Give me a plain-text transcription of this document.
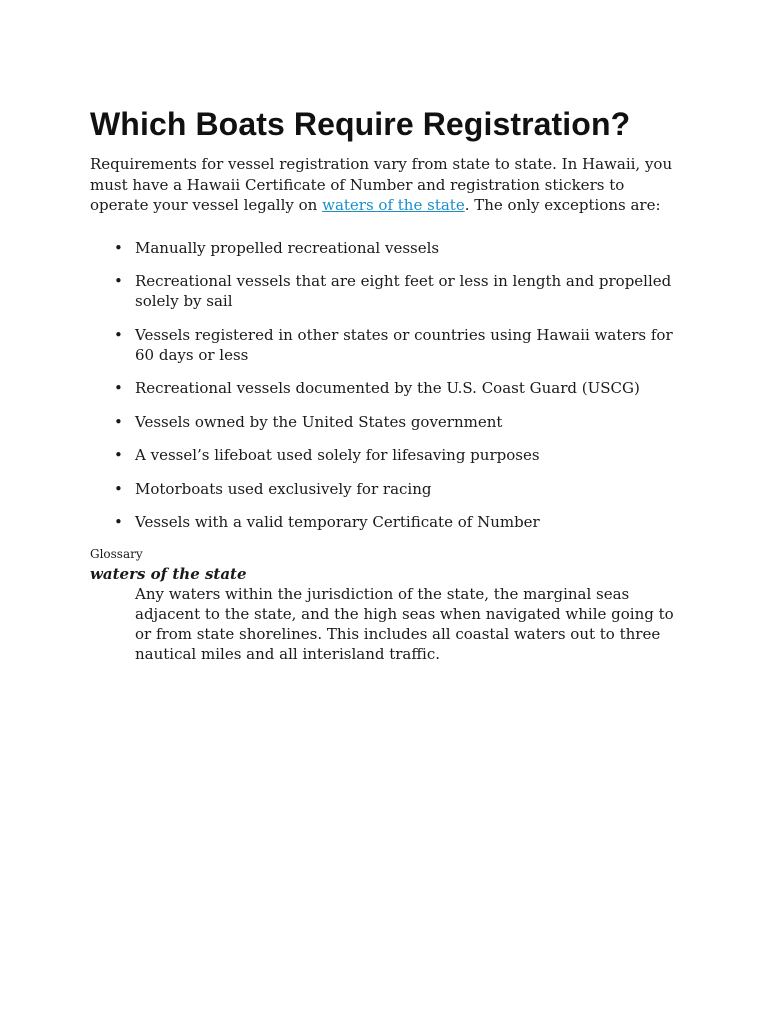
Which Boats Require Registration?

Requirements for vessel registration vary from state to state. In Hawaii, you must have a Hawaii Certificate of Number and registration stickers to operate your vessel legally on waters of the state. The only exceptions are:

• Manually propelled recreational vessels
• Recreational vessels that are eight feet or less in length and propelled solely by sail
• Vessels registered in other states or countries using Hawaii waters for 60 days or less
• Recreational vessels documented by the U.S. Coast Guard (USCG)
• Vessels owned by the United States government
• A vessel’s lifeboat used solely for lifesaving purposes
• Motorboats used exclusively for racing
• Vessels with a valid temporary Certificate of Number
Glossary
waters of the state
Any waters within the jurisdiction of the state, the marginal seas adjacent to the state, and the high seas when navigated while going to or from state shorelines. This includes all coastal waters out to three nautical miles and all interisland traffic.
